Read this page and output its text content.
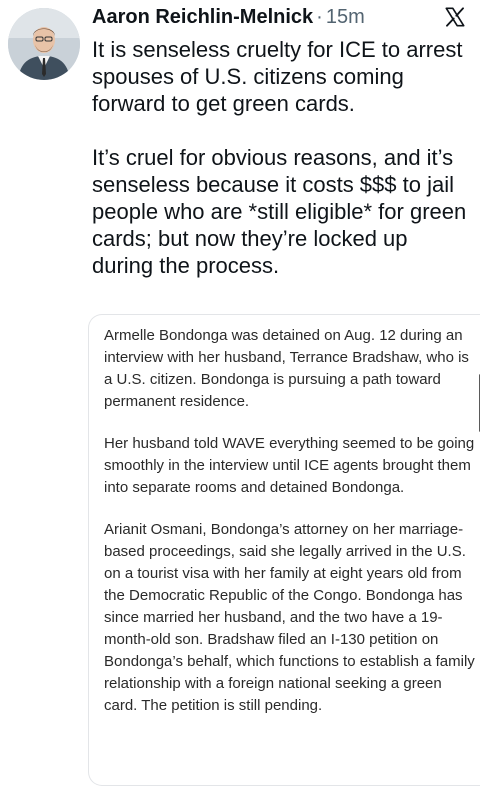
Aaron Reichlin-Melnick · 15m

It is senseless cruelty for ICE to arrest spouses of U.S. citizens coming forward to get green cards.

It’s cruel for obvious reasons, and it’s senseless because it costs $$$ to jail people who are *still eligible* for green cards; but now they’re locked up during the process.

Armelle Bondonga was detained on Aug. 12 during an interview with her husband, Terrance Bradshaw, who is a U.S. citizen. Bondonga is pursuing a path toward permanent residence.

Her husband told WAVE everything seemed to be going smoothly in the interview until ICE agents brought them into separate rooms and detained Bondonga.

Arianit Osmani, Bondonga’s attorney on her marriage-based proceedings, said she legally arrived in the U.S. on a tourist visa with her family at eight years old from the Democratic Republic of the Congo. Bondonga has since married her husband, and the two have a 19-month-old son. Bradshaw filed an I-130 petition on Bondonga’s behalf, which functions to establish a family relationship with a foreign national seeking a green card. The petition is still pending.
